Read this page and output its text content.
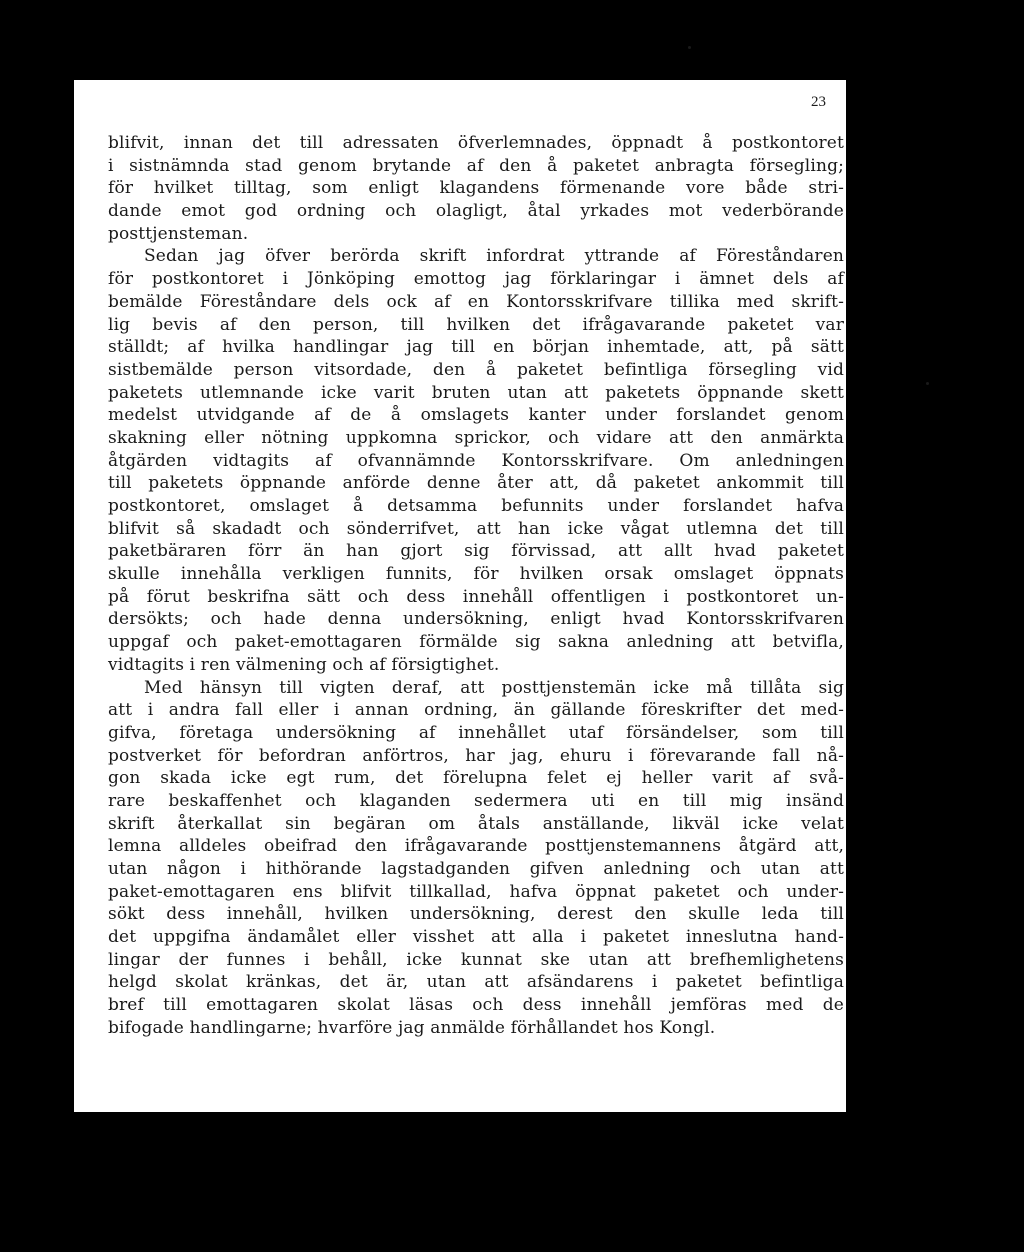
23
blifvit, innan det till adressaten öfverlemnades, öppnadt å postkontoret
i sistnämnda stad genom brytande af den å paketet anbragta försegling;
för hvilket tilltag, som enligt klagandens förmenande vore både stri-
dande emot god ordning och olagligt, åtal yrkades mot vederbörande
posttjensteman.
Sedan jag öfver berörda skrift infordrat yttrande af Föreståndaren
för postkontoret i Jönköping emottog jag förklaringar i ämnet dels af
bemälde Föreståndare dels ock af en Kontorsskrifvare tillika med skrift-
lig bevis af den person, till hvilken det ifrågavarande paketet var
ställdt; af hvilka handlingar jag till en början inhemtade, att, på sätt
sistbemälde person vitsordade, den å paketet befintliga försegling vid
paketets utlemnande icke varit bruten utan att paketets öppnande skett
medelst utvidgande af de å omslagets kanter under forslandet genom
skakning eller nötning uppkomna sprickor, och vidare att den anmärkta
åtgärden vidtagits af ofvannämnde Kontorsskrifvare. Om anledningen
till paketets öppnande anförde denne åter att, då paketet ankommit till
postkontoret, omslaget å detsamma befunnits under forslandet hafva
blifvit så skadadt och sönderrifvet, att han icke vågat utlemna det till
paketbäraren förr än han gjort sig förvissad, att allt hvad paketet
skulle innehålla verkligen funnits, för hvilken orsak omslaget öppnats
på förut beskrifna sätt och dess innehåll offentligen i postkontoret un-
dersökts; och hade denna undersökning, enligt hvad Kontorsskrifvaren
uppgaf och paket-emottagaren förmälde sig sakna anledning att betvifla,
vidtagits i ren välmening och af försigtighet.
Med hänsyn till vigten deraf, att posttjenstemän icke må tillåta sig
att i andra fall eller i annan ordning, än gällande föreskrifter det med-
gifva, företaga undersökning af innehållet utaf försändelser, som till
postverket för befordran anförtros, har jag, ehuru i förevarande fall nå-
gon skada icke egt rum, det förelupna felet ej heller varit af svå-
rare beskaffenhet och klaganden sedermera uti en till mig insänd
skrift återkallat sin begäran om åtals anställande, likväl icke velat
lemna alldeles obeifrad den ifrågavarande posttjenstemannens åtgärd att,
utan någon i hithörande lagstadganden gifven anledning och utan att
paket-emottagaren ens blifvit tillkallad, hafva öppnat paketet och under-
sökt dess innehåll, hvilken undersökning, derest den skulle leda till
det uppgifna ändamålet eller visshet att alla i paketet inneslutna hand-
lingar der funnes i behåll, icke kunnat ske utan att brefhemlighetens
helgd skolat kränkas, det är, utan att afsändarens i paketet befintliga
bref till emottagaren skolat läsas och dess innehåll jemföras med de
bifogade handlingarne; hvarföre jag anmälde förhållandet hos Kongl.
